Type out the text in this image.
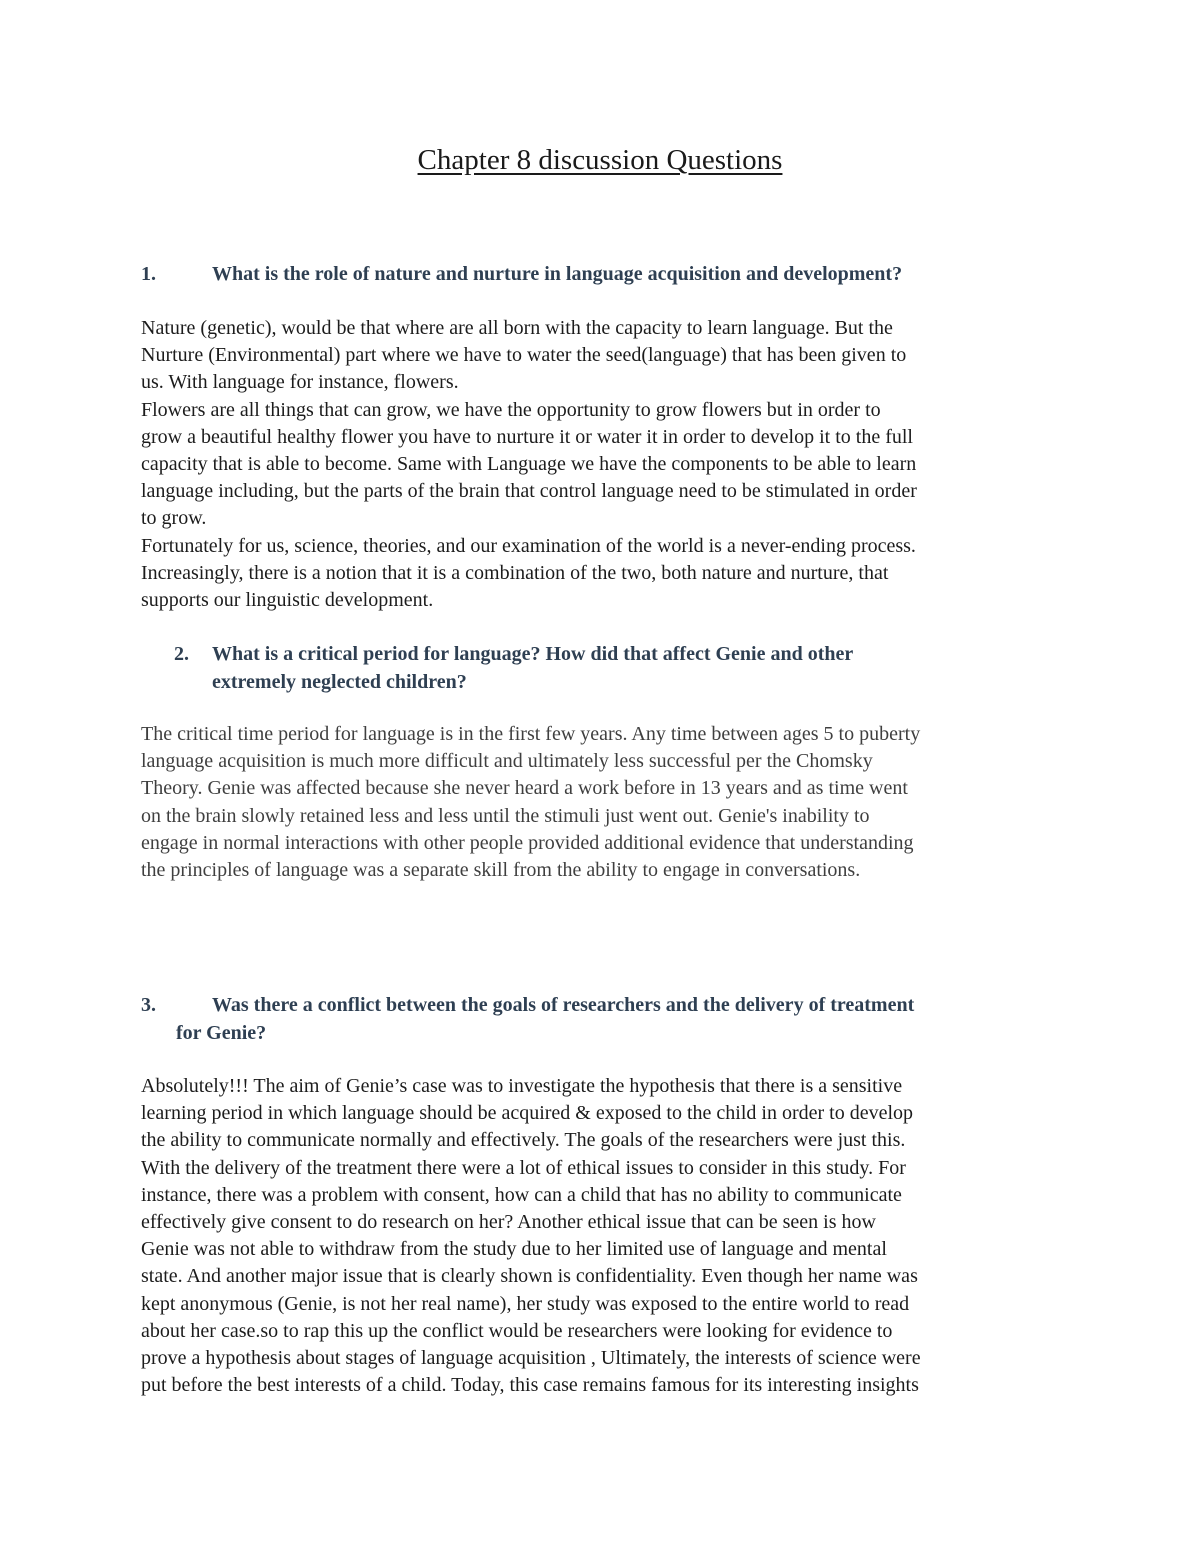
Chapter 8 discussion Questions
1.	What is the role of nature and nurture in language acquisition and development?
Nature (genetic), would be that where are all born with the capacity to learn language. But the
Nurture (Environmental) part where we have to water the seed(language) that has been given to
us. With language for instance, flowers.
Flowers are all things that can grow, we have the opportunity to grow flowers but in order to
grow a beautiful healthy flower you have to nurture it or water it in order to develop it to the full
capacity that is able to become. Same with Language we have the components to be able to learn
language including, but the parts of the brain that control language need to be stimulated in order
to grow.
Fortunately for us, science, theories, and our examination of the world is a never-ending process.
Increasingly, there is a notion that it is a combination of the two, both nature and nurture, that
supports our linguistic development.
2. What is a critical period for language? How did that affect Genie and other
extremely neglected children?
The critical time period for language is in the first few years. Any time between ages 5 to puberty
language acquisition is much more difficult and ultimately less successful per the Chomsky
Theory. Genie was affected because she never heard a work before in 13 years and as time went
on the brain slowly retained less and less until the stimuli just went out. Genie's inability to
engage in normal interactions with other people provided additional evidence that understanding
the principles of language was a separate skill from the ability to engage in conversations.
3.	Was there a conflict between the goals of researchers and the delivery of treatment
for Genie?
Absolutely!!! The aim of Genie’s case was to investigate the hypothesis that there is a sensitive
learning period in which language should be acquired & exposed to the child in order to develop
the ability to communicate normally and effectively. The goals of the researchers were just this.
With the delivery of the treatment there were a lot of ethical issues to consider in this study. For
instance, there was a problem with consent, how can a child that has no ability to communicate
effectively give consent to do research on her? Another ethical issue that can be seen is how
Genie was not able to withdraw from the study due to her limited use of language and mental
state. And another major issue that is clearly shown is confidentiality. Even though her name was
kept anonymous (Genie, is not her real name), her study was exposed to the entire world to read
about her case.so to rap this up the conflict would be researchers were looking for evidence to
prove a hypothesis about stages of language acquisition , Ultimately, the interests of science were
put before the best interests of a child. Today, this case remains famous for its interesting insights
